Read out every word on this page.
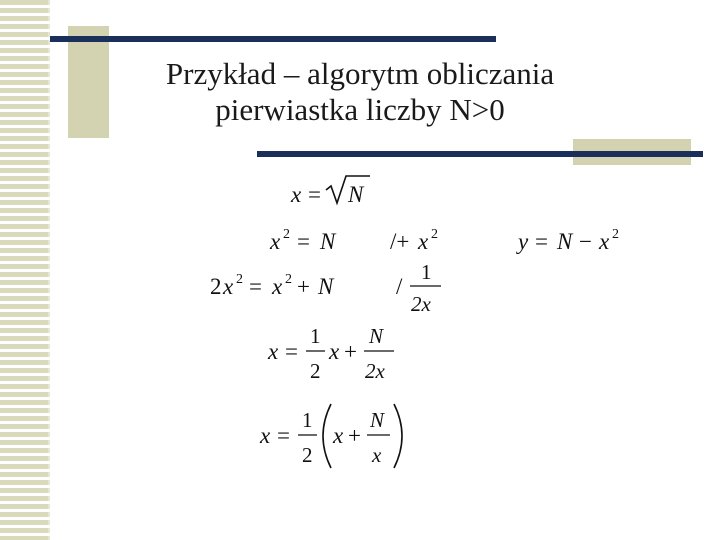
Przykład – algorytm obliczania
pierwiastka liczby N>0
x = N
x 2 = N /+ x 2	y = N − x 2
2 x 2 = x 2 + N	/
1
2x
x =
1
2
x +
N
2x
x =
1
2
x +
N
x
